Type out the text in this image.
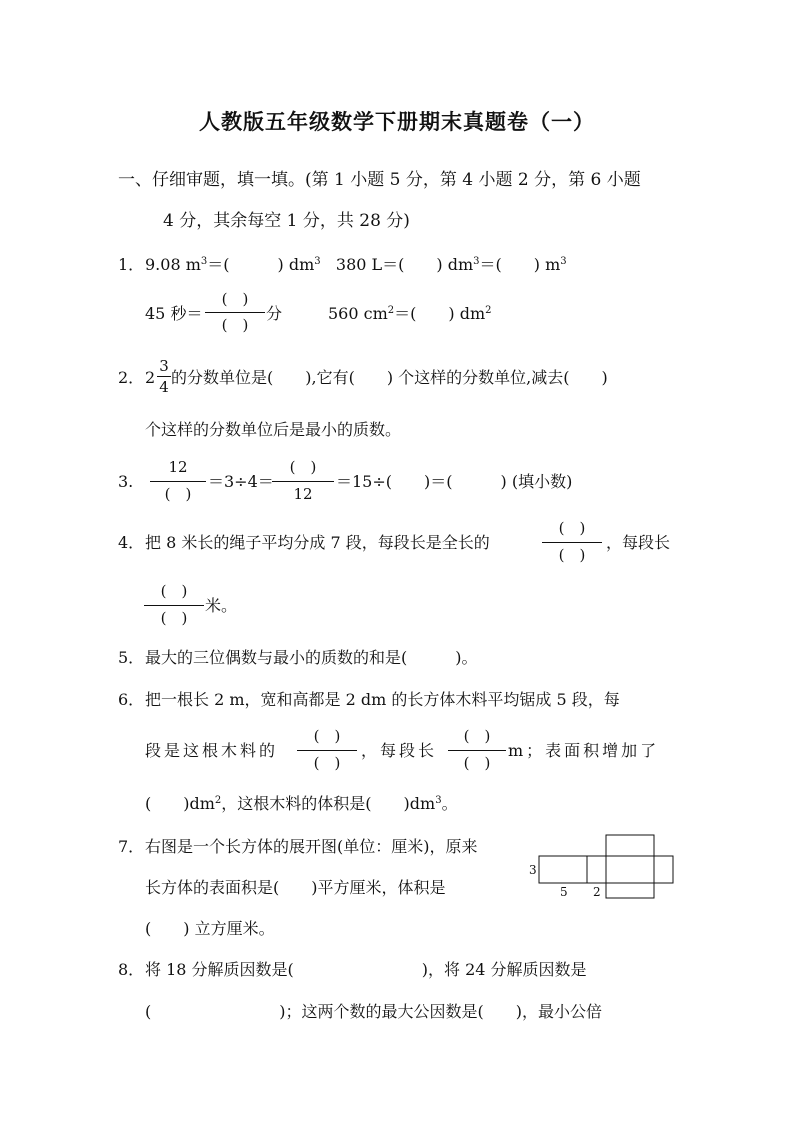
人教版五年级数学下册期末真题卷（一）
一、仔细审题，填一填。(第 1 小题 5 分，第 4 小题 2 分，第 6 小题
4 分，其余每空 1 分，共 28 分)
1． 9.08 $m^3=$(　　　) $dm^3$ 380 L＝(　　) $dm^3=$(　　) $m^3$
45 秒＝
(　)
(　)
分	560 $cm^2=$(　　) $dm^2$
2． 2
3
4 的分数单位是(　　),它有(　　) 个这样的分数单位,减去(　　)
个这样的分数单位后是最小的质数。
3.
12
(　)
＝3÷4＝
(　)
12
＝15÷(　　)＝(　　　) (填小数)
4． 把 8 米长的绳子平均分成 7 段，每段长是全长的
(　)
(　)
，每段长
(　)
(　)
米。
5． 最大的三位偶数与最小的质数的和是(　　　)。
6． 把一根长 2 m，宽和高都是 2 dm 的长方体木料平均锯成 5 段，每
段是这根木料的
(　)
(　)
，每段长
(　)
(　)
m；表面积增加了
(　　)$dm^2$，这根木料的体积是(　　)$dm^3$。
7． 右图是一个长方体的展开图(单位：厘米)，原来
长方体的表面积是(　　)平方厘米，体积是
(　　) 立方厘米。
3
5 2
8． 将 18 分解质因数是(　　　　　　　　)，将 24 分解质因数是
(　　　　　　　　)；这两个数的最大公因数是(　　)，最小公倍
